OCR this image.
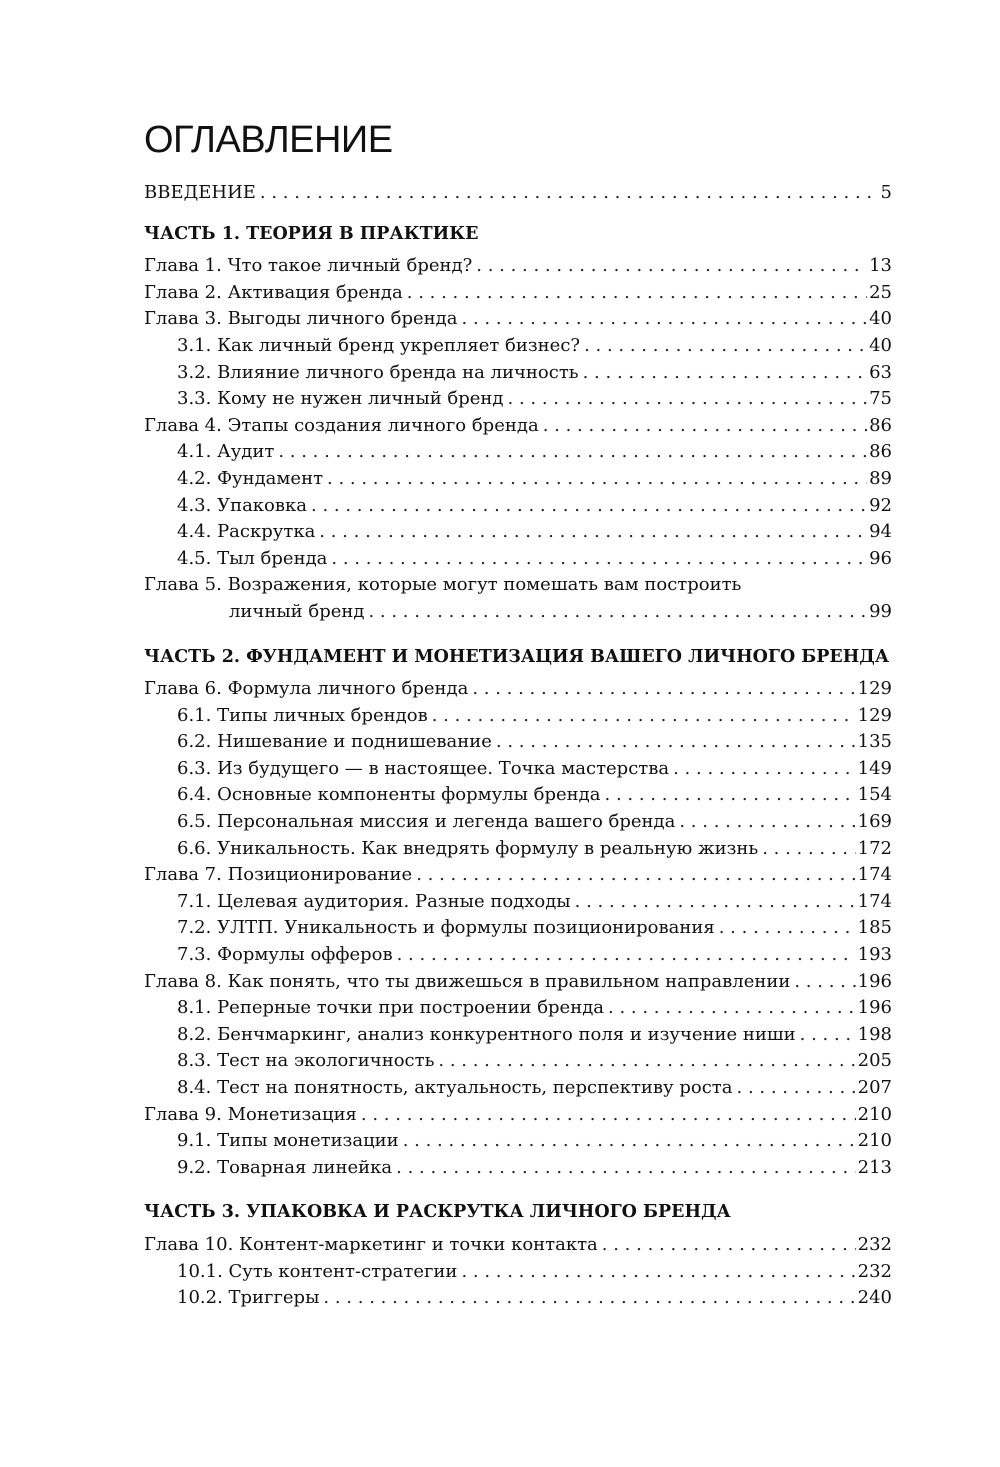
ОГЛАВЛЕНИЕ
ВВЕДЕНИЕ . . .	5
ЧАСТЬ 1. ТЕОРИЯ В ПРАКТИКЕ
Глава 1. Что такое личный бренд? . . .	13
Глава 2. Активация бренда . . .	25
Глава 3. Выгоды личного бренда . . .	40
3.1. Как личный бренд укрепляет бизнес? . . .	40
3.2. Влияние личного бренда на личность . . .	63
3.3. Кому не нужен личный бренд . . .	75
Глава 4. Этапы создания личного бренда . . .	86
4.1. Аудит . . .	86
4.2. Фундамент . . .	89
4.3. Упаковка . . .	92
4.4. Раскрутка . . .	94
4.5. Тыл бренда . . .	96
Глава 5. Возражения, которые могут помешать вам построить
личный бренд . . .	99
ЧАСТЬ 2. ФУНДАМЕНТ И МОНЕТИЗАЦИЯ ВАШЕГО ЛИЧНОГО БРЕНДА
Глава 6. Формула личного бренда . . .	129
6.1. Типы личных брендов . . .	129
6.2. Нишевание и поднишевание . . .	135
6.3. Из будущего — в настоящее. Точка мастерства . . .	149
6.4. Основные компоненты формулы бренда . . .	154
6.5. Персональная миссия и легенда вашего бренда . . .	169
6.6. Уникальность. Как внедрять формулу в реальную жизнь . . .	172
Глава 7. Позиционирование . . .	174
7.1. Целевая аудитория. Разные подходы . . .	174
7.2. УЛТП. Уникальность и формулы позиционирования . . .	185
7.3. Формулы офферов . . .	193
Глава 8. Как понять, что ты движешься в правильном направлении . . .	196
8.1. Реперные точки при построении бренда . . .	196
8.2. Бенчмаркинг, анализ конкурентного поля и изучение ниши . . .	198
8.3. Тест на экологичность . . .	205
8.4. Тест на понятность, актуальность, перспективу роста . . .	207
Глава 9. Монетизация . . .	210
9.1. Типы монетизации . . .	210
9.2. Товарная линейка . . .	213
ЧАСТЬ 3. УПАКОВКА И РАСКРУТКА ЛИЧНОГО БРЕНДА
Глава 10. Контент-маркетинг и точки контакта . . .	232
10.1. Суть контент-стратегии . . .	232
10.2. Триггеры . . .	240
